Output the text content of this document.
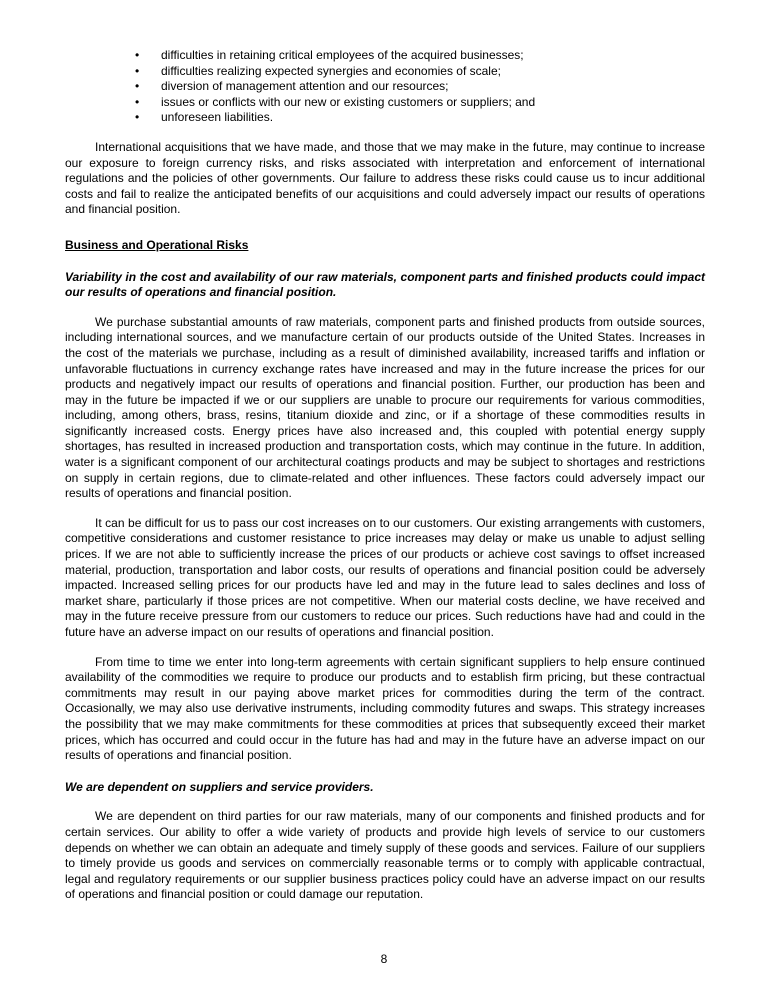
•	difficulties in retaining critical employees of the acquired businesses;
•	difficulties realizing expected synergies and economies of scale;
•	diversion of management attention and our resources;
•	issues or conflicts with our new or existing customers or suppliers; and
•	unforeseen liabilities.

International acquisitions that we have made, and those that we may make in the future, may continue to increase our exposure to foreign currency risks, and risks associated with interpretation and enforcement of international regulations and the policies of other governments. Our failure to address these risks could cause us to incur additional costs and fail to realize the anticipated benefits of our acquisitions and could adversely impact our results of operations and financial position.

Business and Operational Risks
Variability in the cost and availability of our raw materials, component parts and finished products could impact our results of operations and financial position.

We purchase substantial amounts of raw materials, component parts and finished products from outside sources, including international sources, and we manufacture certain of our products outside of the United States. Increases in the cost of the materials we purchase, including as a result of diminished availability, increased tariffs and inflation or unfavorable fluctuations in currency exchange rates have increased and may in the future increase the prices for our products and negatively impact our results of operations and financial position. Further, our production has been and may in the future be impacted if we or our suppliers are unable to procure our requirements for various commodities, including, among others, brass, resins, titanium dioxide and zinc, or if a shortage of these commodities results in significantly increased costs. Energy prices have also increased and, this coupled with potential energy supply shortages, has resulted in increased production and transportation costs, which may continue in the future. In addition, water is a significant component of our architectural coatings products and may be subject to shortages and restrictions on supply in certain regions, due to climate-related and other influences. These factors could adversely impact our results of operations and financial position.

It can be difficult for us to pass our cost increases on to our customers. Our existing arrangements with customers, competitive considerations and customer resistance to price increases may delay or make us unable to adjust selling prices. If we are not able to sufficiently increase the prices of our products or achieve cost savings to offset increased material, production, transportation and labor costs, our results of operations and financial position could be adversely impacted. Increased selling prices for our products have led and may in the future lead to sales declines and loss of market share, particularly if those prices are not competitive. When our material costs decline, we have received and may in the future receive pressure from our customers to reduce our prices. Such reductions have had and could in the future have an adverse impact on our results of operations and financial position.

From time to time we enter into long-term agreements with certain significant suppliers to help ensure continued availability of the commodities we require to produce our products and to establish firm pricing, but these contractual commitments may result in our paying above market prices for commodities during the term of the contract. Occasionally, we may also use derivative instruments, including commodity futures and swaps. This strategy increases the possibility that we may make commitments for these commodities at prices that subsequently exceed their market prices, which has occurred and could occur in the future has had and may in the future have an adverse impact on our results of operations and financial position.

We are dependent on suppliers and service providers.

We are dependent on third parties for our raw materials, many of our components and finished products and for certain services. Our ability to offer a wide variety of products and provide high levels of service to our customers depends on whether we can obtain an adequate and timely supply of these goods and services. Failure of our suppliers to timely provide us goods and services on commercially reasonable terms or to comply with applicable contractual, legal and regulatory requirements or our supplier business practices policy could have an adverse impact on our results of operations and financial position or could damage our reputation.

8
